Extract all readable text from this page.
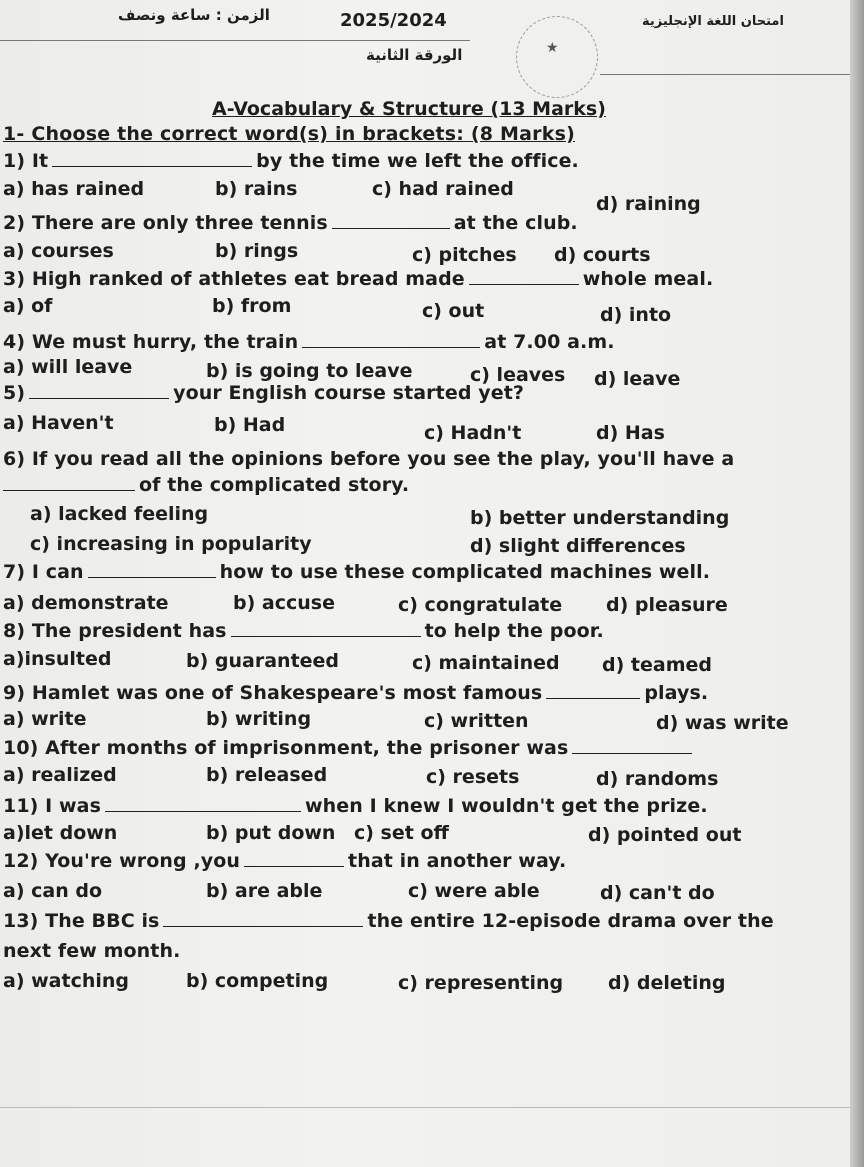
الزمن : ساعة ونصف	2025/2024	امتحان اللغة الإنجليزية
الورقة الثانية	★
A-Vocabulary & Structure (13 Marks)
1- Choose the correct word(s) in brackets: (8 Marks)
1) It	by the time we left the office.
a) has rained	b) rains	c) had rained
d) raining
2) There are only three tennis	at the club.
a) courses	b) rings	c) pitches d) courts
3) High ranked of athletes eat bread made	whole meal.
a) of	b) from	c) out	d) into
4) We must hurry, the train	at 7.00 a.m.
a) will leave	b) is going to leave	c) leaves d) leave
5)	your English course started yet?
a) Haven't	b) Had	c) Hadn't	d) Has
6) If you read all the opinions before you see the play, you'll have a
of the complicated story.
a) lacked feeling	b) better understanding
c) increasing in popularity	d) slight differences
7) I can	how to use these complicated machines well.
a) demonstrate	b) accuse	c) congratulate d) pleasure
8) The president has	to help the poor.
a)insulted	b) guaranteed	c) maintained d) teamed
9) Hamlet was one of Shakespeare's most famous	plays.
a) write	b) writing	c) written	d) was write
10) After months of imprisonment, the prisoner was
a) realized	b) released	c) resets	d) randoms
11) I was	when I knew I wouldn't get the prize.
a)let down	b) put down c) set off	d) pointed out
12) You're wrong ,you	that in another way.
a) can do	b) are able	c) were able	d) can't do
13) The BBC is	the entire 12-episode drama over the
next few month.
a) watching	b) competing	c) representing d) deleting
